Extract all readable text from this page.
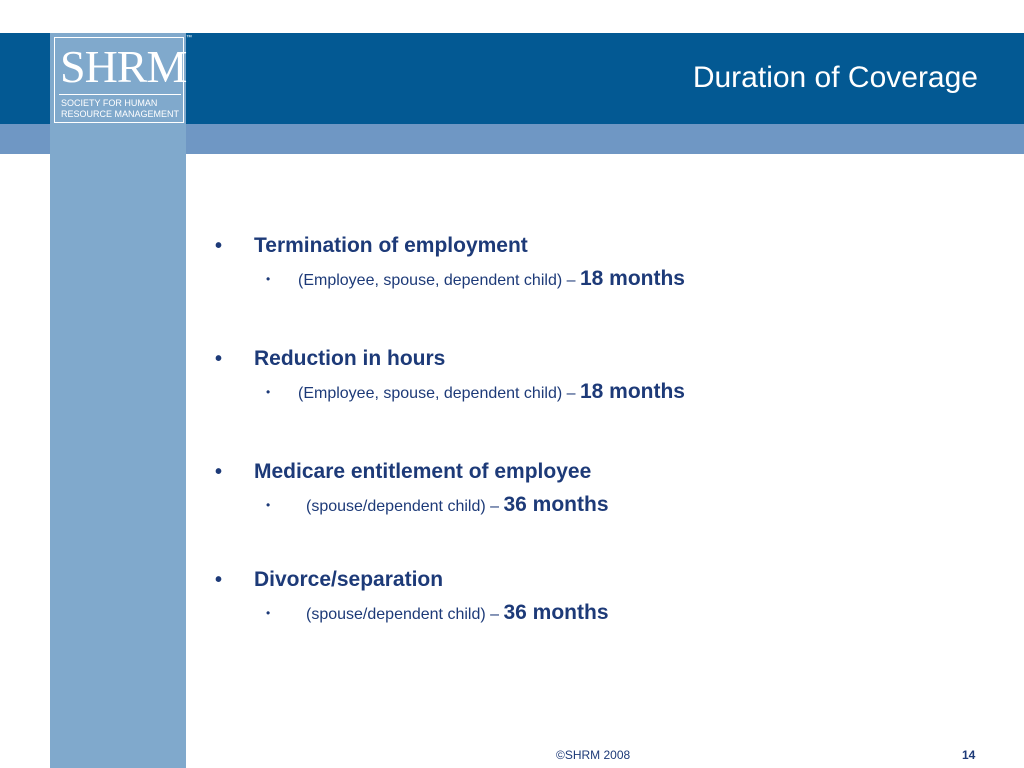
SHRM
SOCIETY FOR HUMAN RESOURCE MANAGEMENT
™
Duration of Coverage
• Termination of employment
• (Employee, spouse, dependent child) – 18 months
• Reduction in hours
• (Employee, spouse, dependent child) – 18 months
• Medicare entitlement of employee
• (spouse/dependent child) – 36 months
• Divorce/separation
• (spouse/dependent child) – 36 months
©SHRM 2008	14
